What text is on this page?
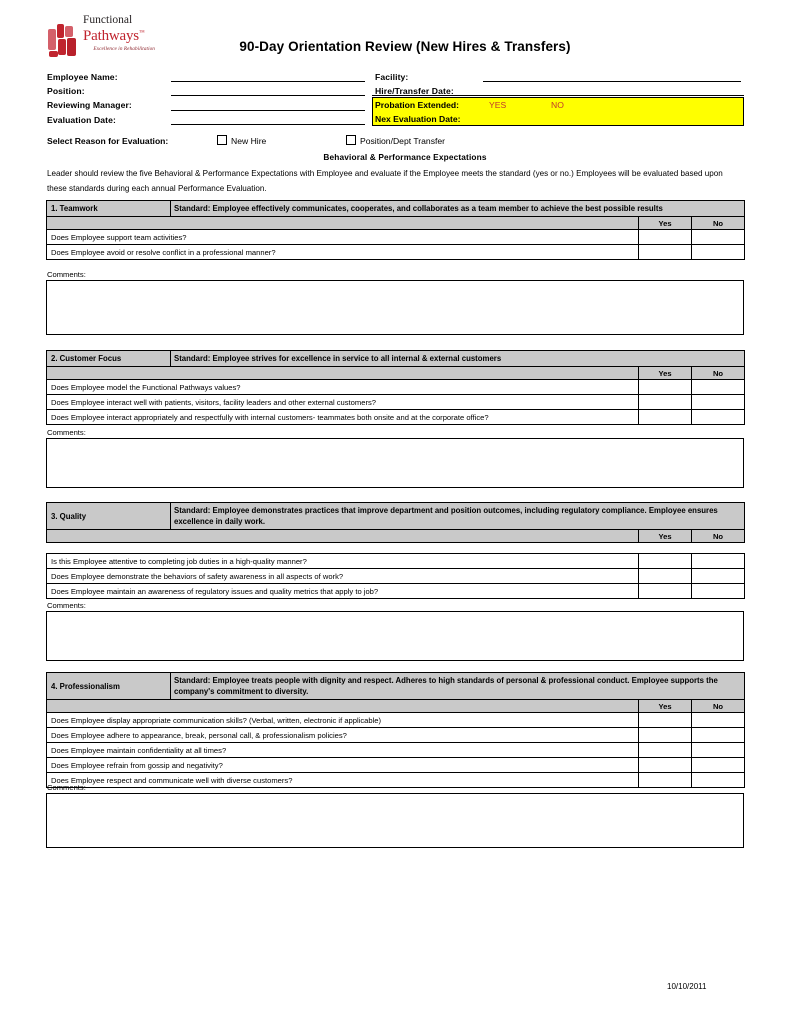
Functional
Pathways™
Excellence in Rehabilitation	90-Day Orientation Review (New Hires & Transfers)
Employee Name:
Position:
Reviewing Manager:
Evaluation Date:
Facility:
Hire/Transfer Date:
Probation Extended:	YES	NO
Nex Evaluation Date:
Select Reason for Evaluation:	New Hire	Position/Dept Transfer
Behavioral & Performance Expectations
Leader should review the five Behavioral & Performance Expectations with Employee and evaluate if the Employee meets the standard (yes or no.) Employees will be evaluated based upon these standards during each annual Performance Evaluation.
1. Teamwork	Standard: Employee effectively communicates, cooperates, and collaborates as a team member to achieve the best possible results		
		Yes	No
Does Employee support team activities?			
Does Employee avoid or resolve conflict in a professional manner?			
Comments:
2. Customer Focus	Standard: Employee strives for excellence in service to all internal & external customers		
		Yes	No
Does Employee model the Functional Pathways values?			
Does Employee interact well with patients, visitors, facility leaders and other external customers?			
Does Employee interact appropriately and respectfully with internal customers- teammates both onsite and at the corporate office?			
Comments:
3. Quality	Standard: Employee demonstrates practices that improve department and position outcomes, including regulatory compliance. Employee ensures excellence in daily work.		
		Yes	No
Is this Employee attentive to completing job duties in a high-quality manner?		
Does Employee demonstrate the behaviors of safety awareness in all aspects of work?		
Does Employee maintain an awareness of regulatory issues and quality metrics that apply to job?		
Comments:
4. Professionalism	Standard: Employee treats people with dignity and respect. Adheres to high standards of personal & professional conduct. Employee supports the company's commitment to diversity.		
		Yes	No
Does Employee display appropriate communication skills? (Verbal, written, electronic if applicable)			
Does Employee adhere to appearance, break, personal call, & professionalism policies?			
Does Employee maintain confidentiality at all times?			
Does Employee refrain from gossip and negativity?			
Does Employee respect and communicate well with diverse customers?			
Comments:
10/10/2011
